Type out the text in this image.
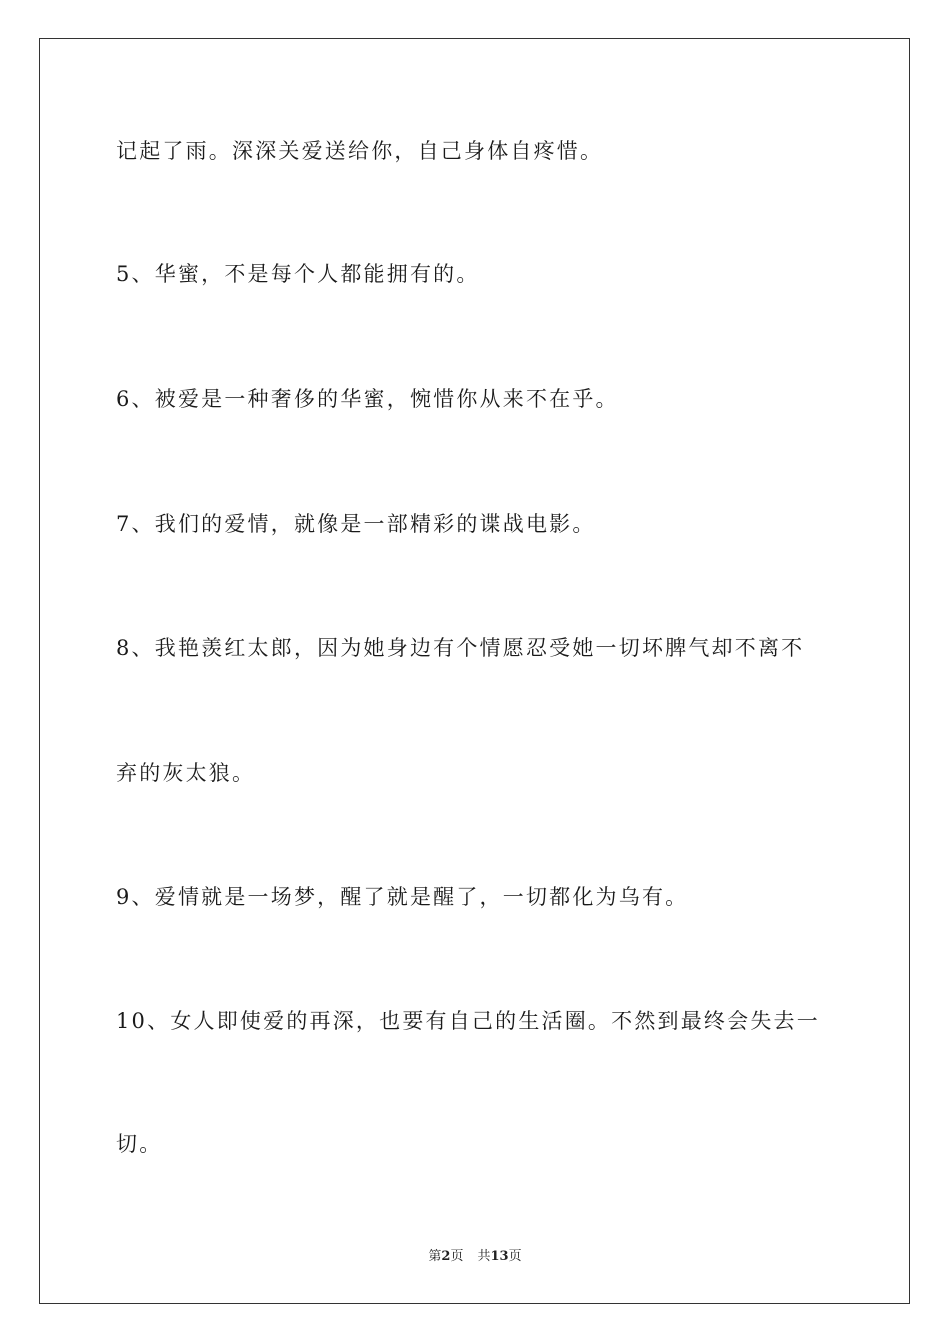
记起了雨。深深关爱送给你，自己身体自疼惜。
5、华蜜，不是每个人都能拥有的。
6、被爱是一种奢侈的华蜜，惋惜你从来不在乎。
7、我们的爱情，就像是一部精彩的谍战电影。
8、我艳羡红太郎，因为她身边有个情愿忍受她一切坏脾气却不离不
弃的灰太狼。
9、爱情就是一场梦，醒了就是醒了，一切都化为乌有。
10、女人即使爱的再深，也要有自己的生活圈。不然到最终会失去一
切。
第2页 共13页
